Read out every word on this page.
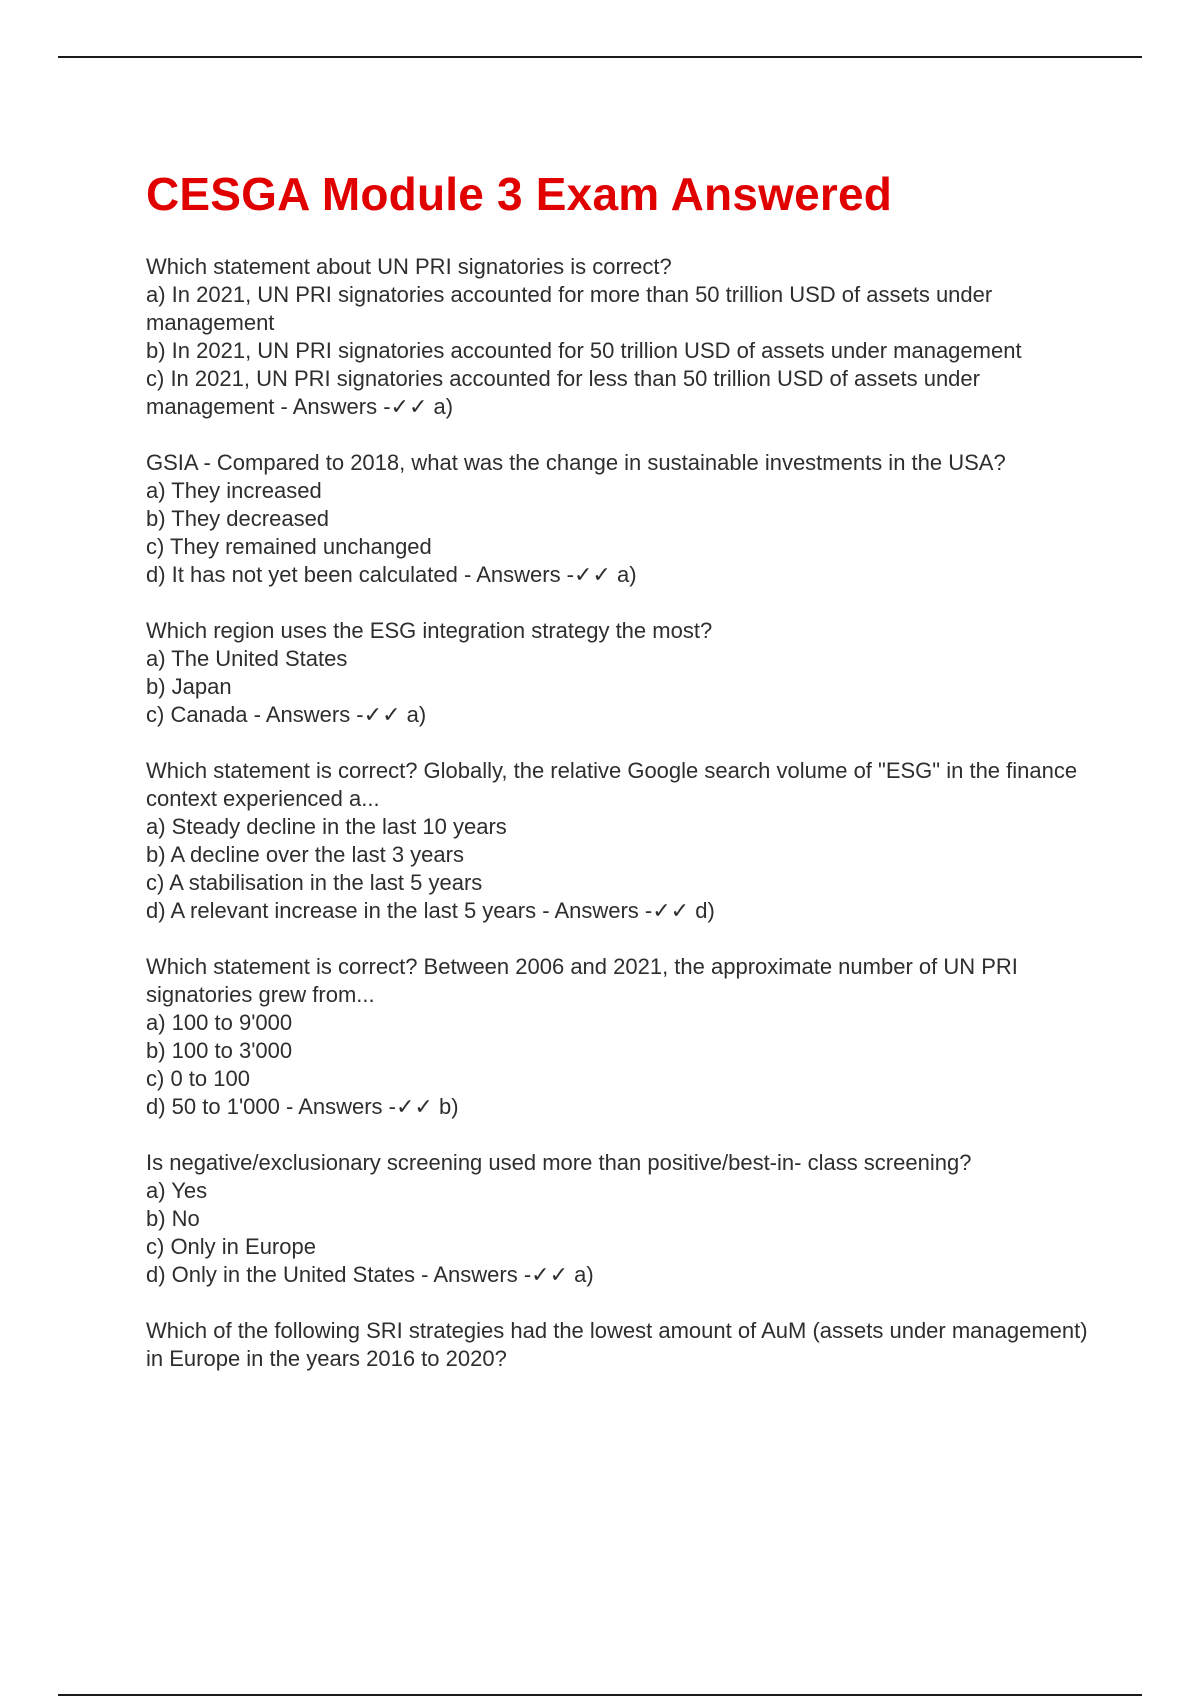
CESGA Module 3 Exam Answered
Which statement about UN PRI signatories is correct?
a) In 2021, UN PRI signatories accounted for more than 50 trillion USD of assets under management
b) In 2021, UN PRI signatories accounted for 50 trillion USD of assets under management
c) In 2021, UN PRI signatories accounted for less than 50 trillion USD of assets under management - Answers -✓✓ a)
GSIA - Compared to 2018, what was the change in sustainable investments in the USA?
a) They increased
b) They decreased
c) They remained unchanged
d) It has not yet been calculated - Answers -✓✓ a)
Which region uses the ESG integration strategy the most?
a) The United States
b) Japan
c) Canada - Answers -✓✓ a)
Which statement is correct? Globally, the relative Google search volume of "ESG" in the finance context experienced a...
a) Steady decline in the last 10 years
b) A decline over the last 3 years
c) A stabilisation in the last 5 years
d) A relevant increase in the last 5 years - Answers -✓✓ d)
Which statement is correct? Between 2006 and 2021, the approximate number of UN PRI signatories grew from...
a) 100 to 9'000
b) 100 to 3'000
c) 0 to 100
d) 50 to 1'000 - Answers -✓✓ b)
Is negative/exclusionary screening used more than positive/best-in- class screening?
a) Yes
b) No
c) Only in Europe
d) Only in the United States - Answers -✓✓ a)
Which of the following SRI strategies had the lowest amount of AuM (assets under management) in Europe in the years 2016 to 2020?
